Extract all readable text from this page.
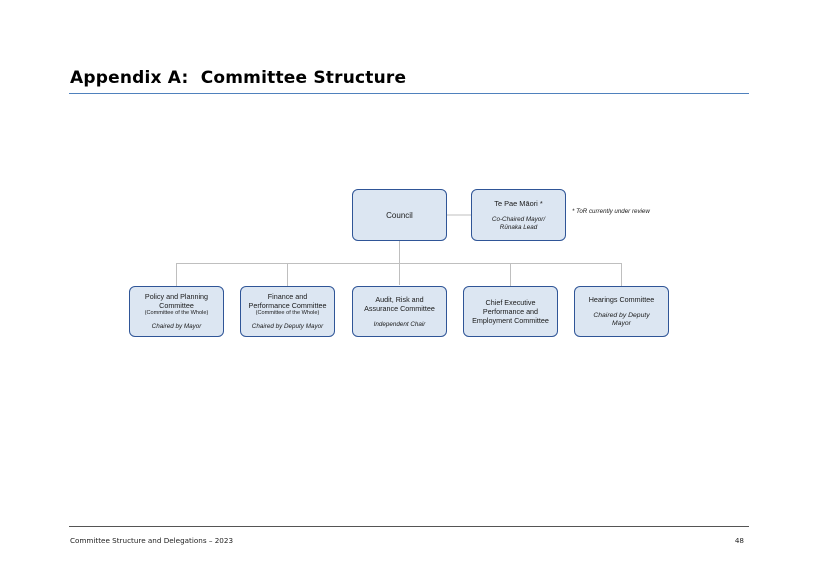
Appendix A:  Committee Structure
Council
Te Pae Māori *
Co-Chaired Mayor/
Rūnaka Lead
* ToR currently under review
Policy and Planning
Committee
(Committee of the Whole)
Chaired by Mayor
Finance and
Performance Committee
(Committee of the Whole)
Chaired by Deputy Mayor
Audit, Risk and
Assurance Committee
Independent Chair
Chief Executive
Performance and
Employment Committee
Hearings Committee
Chaired by Deputy
Mayor
Committee Structure and Delegations – 2023	48
